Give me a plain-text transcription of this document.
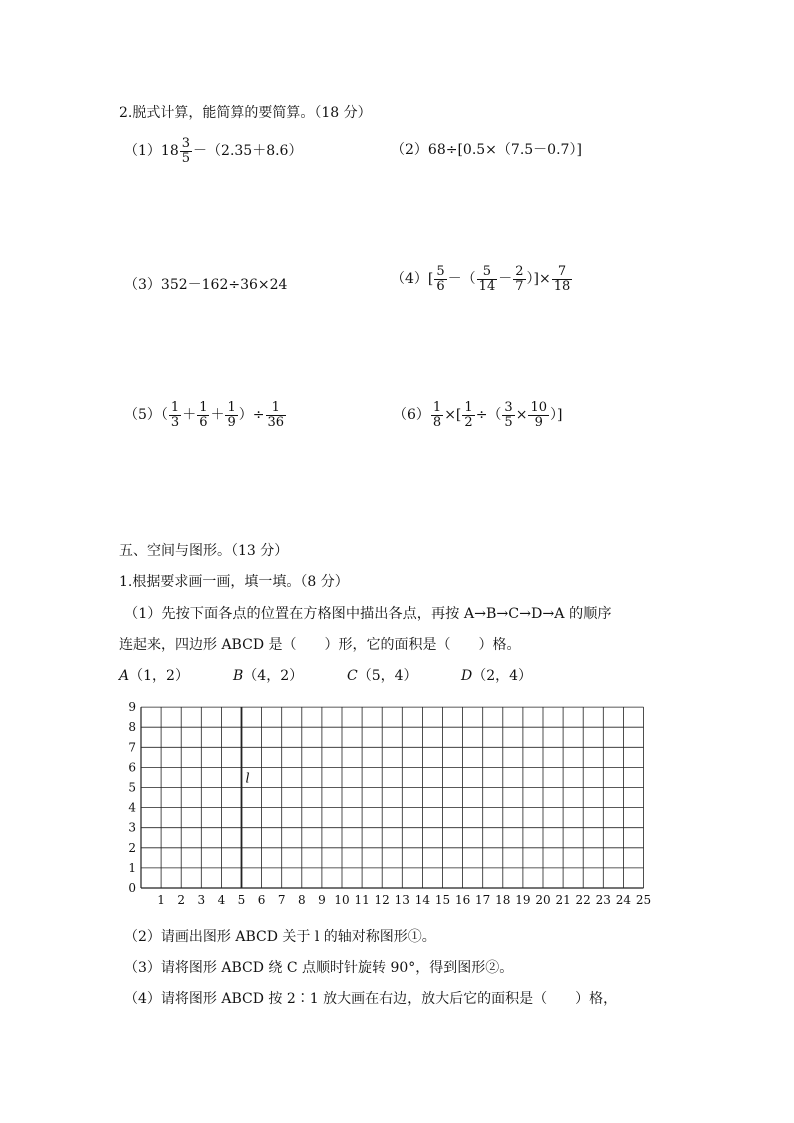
2.脱式计算，能简算的要简算。（18 分）
$(1)18 \frac{3}{5} -(2.35+8.6)$	（2）68÷[0.5×（7.5－0.7）]
（3）352－162÷36×24	$(4)[ \frac{5}{6}$ －（ $\frac{5}{14} - \frac{2}{7}$ ）]× $\frac{7}{18}$
$(5)( \frac{1}{3} + \frac{1}{6} + \frac{1}{9}$ ）÷ $\frac{1}{36}$	$(6) \frac{1}{8}$ ×[ $\frac{1}{2}$ ÷（ $\frac{3}{5} \times \frac{10}{9}$ ）]
五、空间与图形。（13 分）
1.根据要求画一画，填一填。（8 分）
（1）先按下面各点的位置在方格图中描出各点，再按 A→B→C→D→A 的顺序
连起来，四边形 ABCD 是（　　）形，它的面积是（　　）格。
A（1，2）	B（4，2）	C（5，4）	D（2，4）
l
1 2 3 4 5 6 7 8 9 10 11 12 13 14 15 16 17 18 19 20 21 22 23 24 25
0
1
2
3
4
5
6
7
8
9
（2）请画出图形 ABCD 关于 l 的轴对称图形①。
（3）请将图形 ABCD 绕 C 点顺时针旋转 90°，得到图形②。
（4）请将图形 ABCD 按 2∶1 放大画在右边，放大后它的面积是（　　）格，
